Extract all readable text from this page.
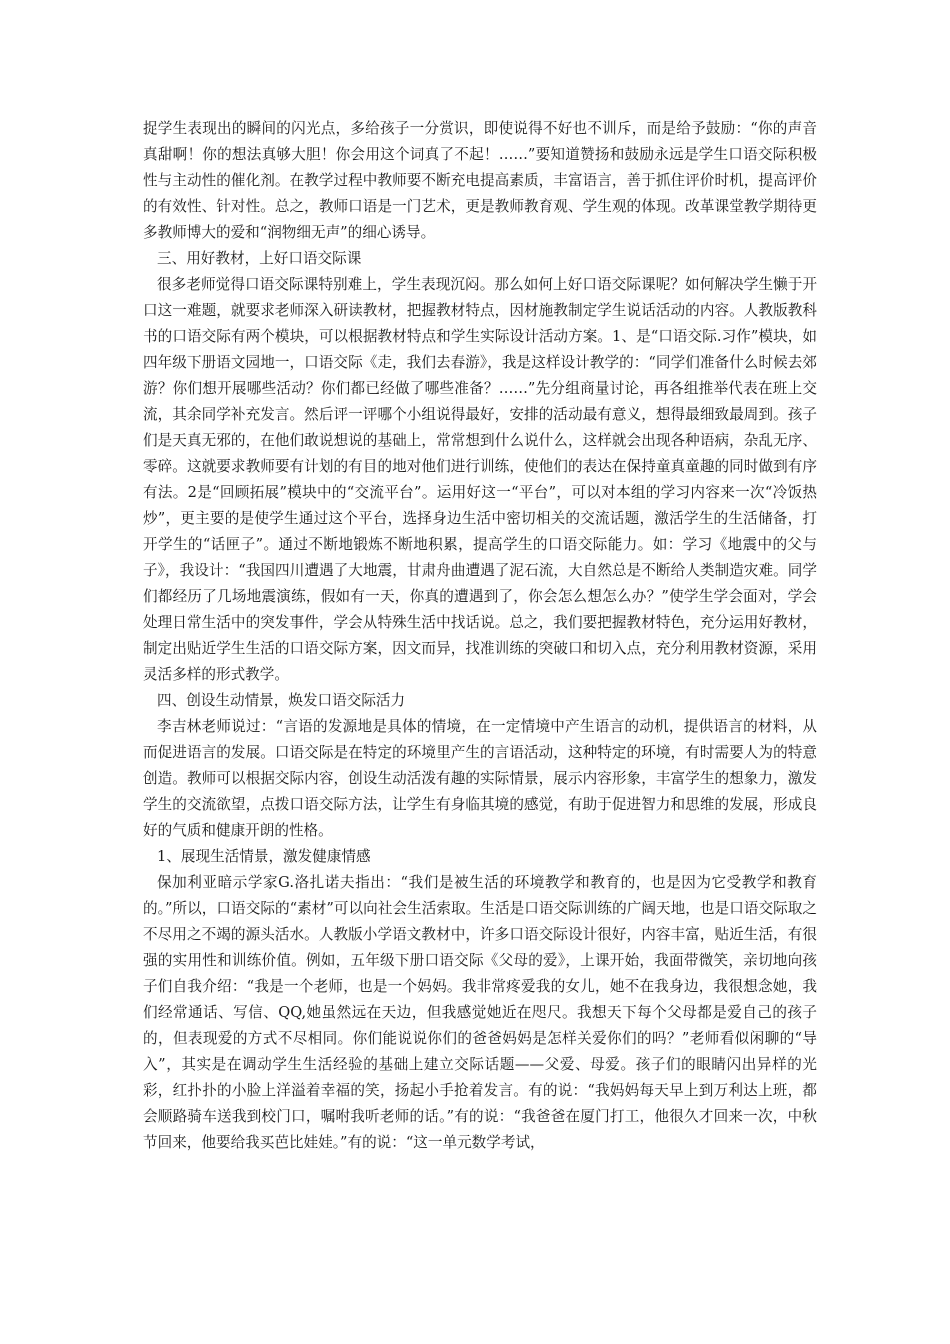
捉学生表现出的瞬间的闪光点，多给孩子一分赏识，即使说得不好也不训斥，而是给予鼓励：“你的声音真甜啊！你的想法真够大胆！你会用这个词真了不起！……”要知道赞扬和鼓励永远是学生口语交际积极性与主动性的催化剂。在教学过程中教师要不断充电提高素质，丰富语言，善于抓住评价时机，提高评价的有效性、针对性。总之，教师口语是一门艺术，更是教师教育观、学生观的体现。改革课堂教学期待更多教师博大的爱和“润物细无声”的细心诱导。

三、用好教材，上好口语交际课

很多老师觉得口语交际课特别难上，学生表现沉闷。那么如何上好口语交际课呢？如何解决学生懒于开口这一难题，就要求老师深入研读教材，把握教材特点，因材施教制定学生说话活动的内容。人教版教科书的口语交际有两个模块，可以根据教材特点和学生实际设计活动方案。1、是“口语交际.习作”模块，如四年级下册语文园地一，口语交际《走，我们去春游》，我是这样设计教学的：“同学们准备什么时候去郊游？你们想开展哪些活动？你们都已经做了哪些准备？……”先分组商量讨论，再各组推举代表在班上交流，其余同学补充发言。然后评一评哪个小组说得最好，安排的活动最有意义，想得最细致最周到。孩子们是天真无邪的，在他们敢说想说的基础上，常常想到什么说什么，这样就会出现各种语病，杂乱无序、零碎。这就要求教师要有计划的有目的地对他们进行训练，使他们的表达在保持童真童趣的同时做到有序有法。2是“回顾拓展”模块中的“交流平台”。运用好这一“平台”，可以对本组的学习内容来一次“冷饭热炒”，更主要的是使学生通过这个平台，选择身边生活中密切相关的交流话题，激活学生的生活储备，打开学生的“话匣子”。通过不断地锻炼不断地积累，提高学生的口语交际能力。如：学习《地震中的父与子》，我设计：“我国四川遭遇了大地震，甘肃舟曲遭遇了泥石流，大自然总是不断给人类制造灾难。同学们都经历了几场地震演练，假如有一天，你真的遭遇到了，你会怎么想怎么办？”使学生学会面对，学会处理日常生活中的突发事件，学会从特殊生活中找话说。总之，我们要把握教材特色，充分运用好教材，制定出贴近学生生活的口语交际方案，因文而异，找准训练的突破口和切入点，充分利用教材资源，采用灵活多样的形式教学。

四、创设生动情景，焕发口语交际活力

李吉林老师说过：“言语的发源地是具体的情境，在一定情境中产生语言的动机，提供语言的材料，从而促进语言的发展。口语交际是在特定的环境里产生的言语活动，这种特定的环境，有时需要人为的特意创造。教师可以根据交际内容，创设生动活泼有趣的实际情景，展示内容形象，丰富学生的想象力，激发学生的交流欲望，点拨口语交际方法，让学生有身临其境的感觉，有助于促进智力和思维的发展，形成良好的气质和健康开朗的性格。

1、展现生活情景，激发健康情感

保加利亚暗示学家G.洛扎诺夫指出：“我们是被生活的环境教学和教育的，也是因为它受教学和教育的。”所以，口语交际的“素材”可以向社会生活索取。生活是口语交际训练的广阔天地，也是口语交际取之不尽用之不竭的源头活水。人教版小学语文教材中，许多口语交际设计很好，内容丰富，贴近生活，有很强的实用性和训练价值。例如，五年级下册口语交际《父母的爱》，上课开始，我面带微笑，亲切地向孩子们自我介绍：“我是一个老师，也是一个妈妈。我非常疼爱我的女儿，她不在我身边，我很想念她，我们经常通话、写信、QQ,她虽然远在天边，但我感觉她近在咫尺。我想天下每个父母都是爱自己的孩子的，但表现爱的方式不尽相同。你们能说说你们的爸爸妈妈是怎样关爱你们的吗？”老师看似闲聊的“导入”，其实是在调动学生生活经验的基础上建立交际话题——父爱、母爱。孩子们的眼睛闪出异样的光彩，红扑扑的小脸上洋溢着幸福的笑，扬起小手抢着发言。有的说：“我妈妈每天早上到万利达上班，都会顺路骑车送我到校门口，嘱咐我听老师的话。”有的说：“我爸爸在厦门打工，他很久才回来一次，中秋节回来，他要给我买芭比娃娃。”有的说：“这一单元数学考试，
